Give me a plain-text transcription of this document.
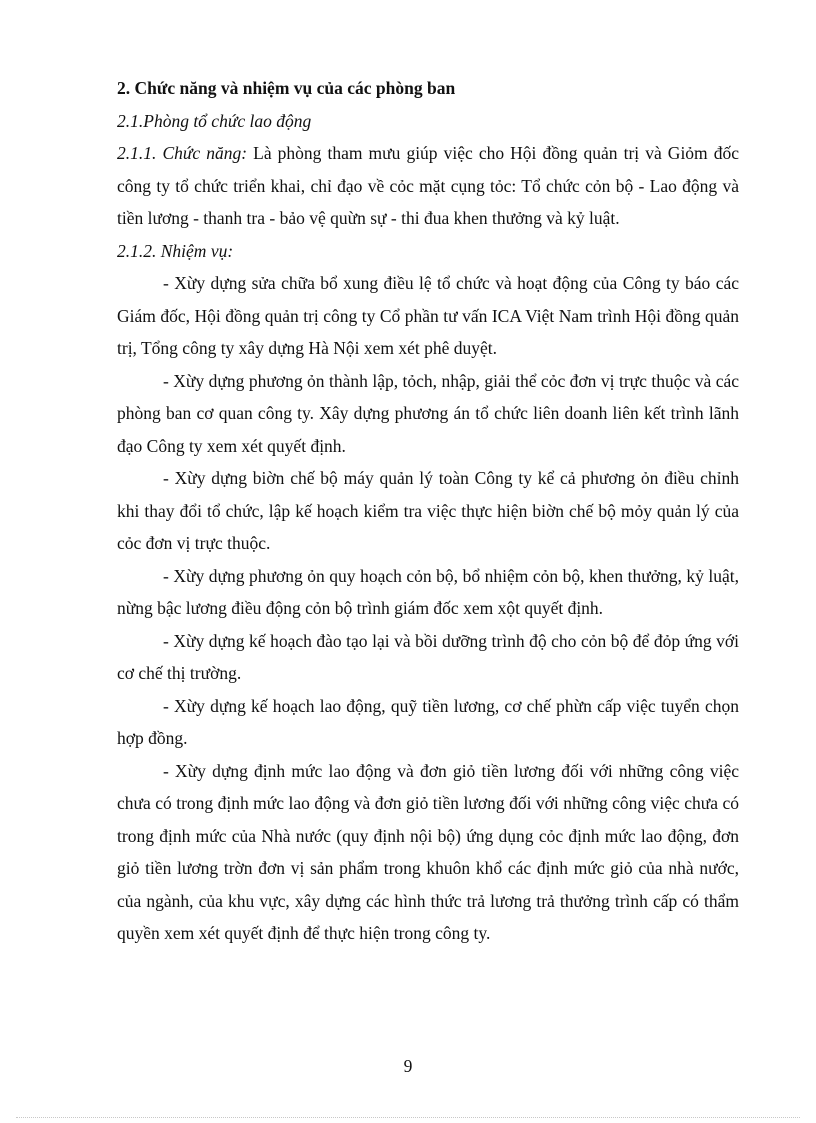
2. Chức năng và nhiệm vụ của các phòng ban

2.1.Phòng tổ chức lao động

2.1.1. Chức năng: Là phòng tham mưu giúp việc cho Hội đồng quản trị và Giỏm đốc công ty tổ chức triển khai, chỉ đạo về cỏc mặt cụng tỏc: Tổ chức cỏn bộ - Lao động và tiền lương - thanh tra - bảo vệ quừn sự - thi đua khen thưởng và kỷ luật.

2.1.2. Nhiệm vụ:

- Xừy dựng sửa chữa bổ xung điều lệ tổ chức và hoạt động của Công ty báo các Giám đốc, Hội đồng quản trị công ty Cổ phần tư vấn ICA Việt Nam trình Hội đồng quản trị, Tổng công ty xây dựng Hà Nội xem xét phê duyệt.

- Xừy dựng phương ỏn thành lập, tỏch, nhập, giải thể cỏc đơn vị trực thuộc và các phòng ban cơ quan công ty. Xây dựng phương án tổ chức liên doanh liên kết trình lãnh đạo Công ty xem xét quyết định.

- Xừy dựng biờn chế bộ máy quản lý toàn Công ty kể cả phương ỏn điều chỉnh khi thay đổi tổ chức, lập kế hoạch kiểm tra việc thực hiện biờn chế bộ mỏy quản lý của cỏc đơn vị trực thuộc.

- Xừy dựng phương ỏn quy hoạch cỏn bộ, bổ nhiệm cỏn bộ, khen thưởng, kỷ luật, nừng bậc lương điều động cỏn bộ trình giám đốc xem xột quyết định.

- Xừy dựng kế hoạch đào tạo lại và bồi dưỡng trình độ cho cỏn bộ để đỏp ứng với cơ chế thị trường.

- Xừy dựng kế hoạch lao động, quỹ tiền lương, cơ chế phừn cấp việc tuyển chọn hợp đồng.

- Xừy dựng định mức lao động và đơn giỏ tiền lương đối với những công việc chưa có trong định mức lao động và đơn giỏ tiền lương đối với những công việc chưa có trong định mức của Nhà nước (quy định nội bộ) ứng dụng cỏc định mức lao động, đơn giỏ tiền lương trờn đơn vị sản phẩm trong khuôn khổ các định mức giỏ của nhà nước, của ngành, của khu vực, xây dựng các hình thức trả lương trả thưởng trình cấp có thẩm quyền xem xét quyết định để thực hiện trong công ty.

9
